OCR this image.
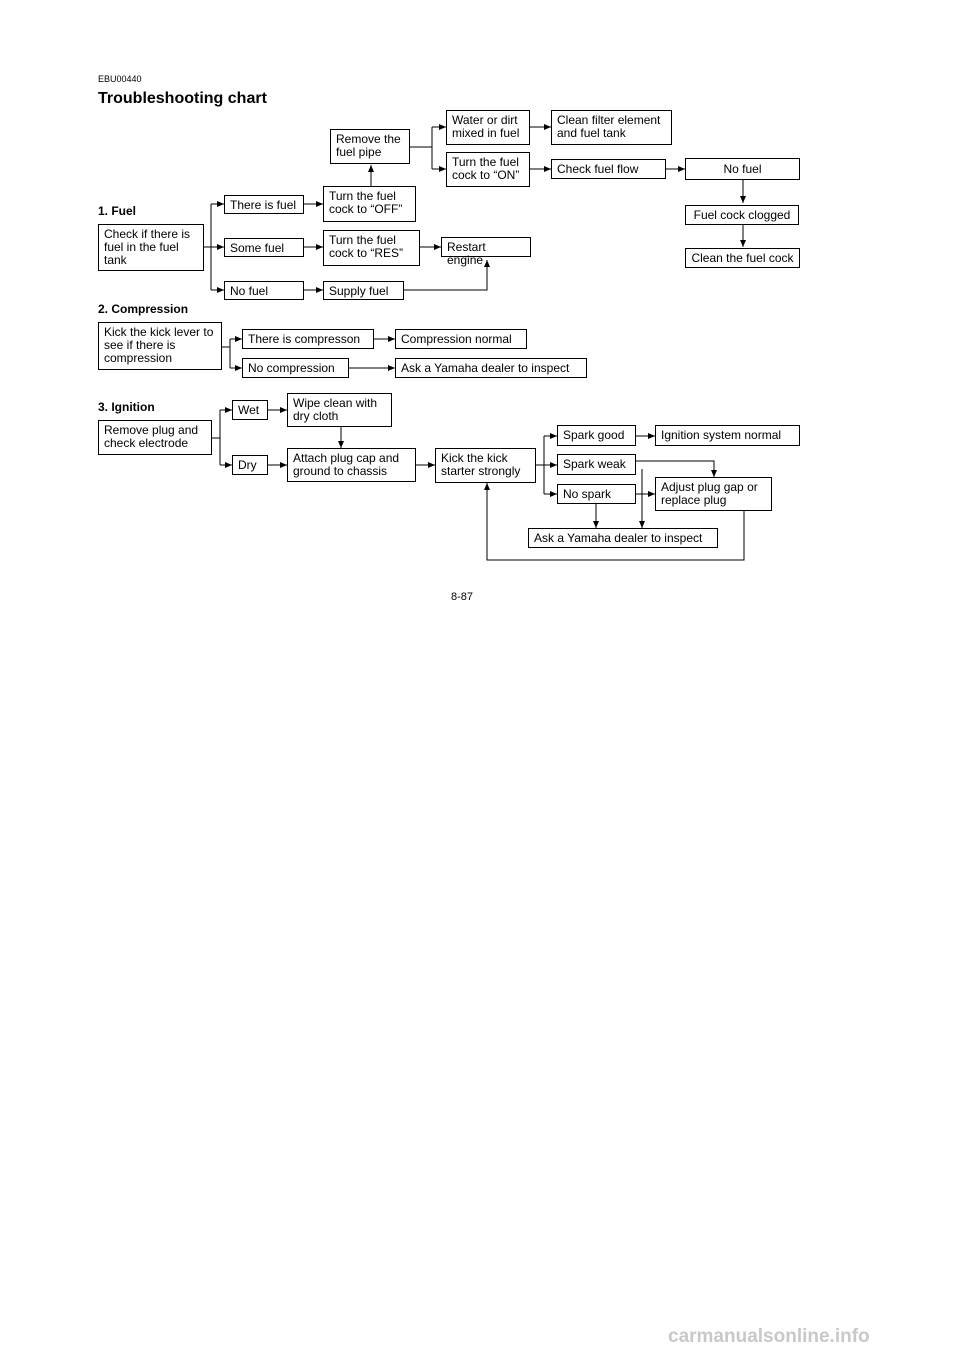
EBU00440
Troubleshooting chart
1. Fuel
Check if there is
fuel in the fuel
tank
There is fuel
Some fuel
No fuel
Turn the fuel
cock to “OFF”
Turn the fuel
cock to “RES”
Supply fuel
Restart engine
Remove the
fuel pipe
Water or dirt
mixed in fuel
Clean filter element
and fuel tank
Turn the fuel
cock to “ON”	Check fuel flow	No fuel
Fuel cock clogged
Clean the fuel cock
2. Compression
Kick the kick lever to
see if there is
compression
There is compresson	Compression normal
No compression	Ask a Yamaha dealer to inspect
3. Ignition
Remove plug and
check electrode
Wet
Dry
Wipe clean with
dry cloth
Attach plug cap and
ground to chassis
Kick the kick
starter strongly
Spark good
Spark weak
No spark
Ignition system normal
Adjust plug gap or
replace plug
Ask a Yamaha dealer to inspect
8-87
carmanualsonline.info
